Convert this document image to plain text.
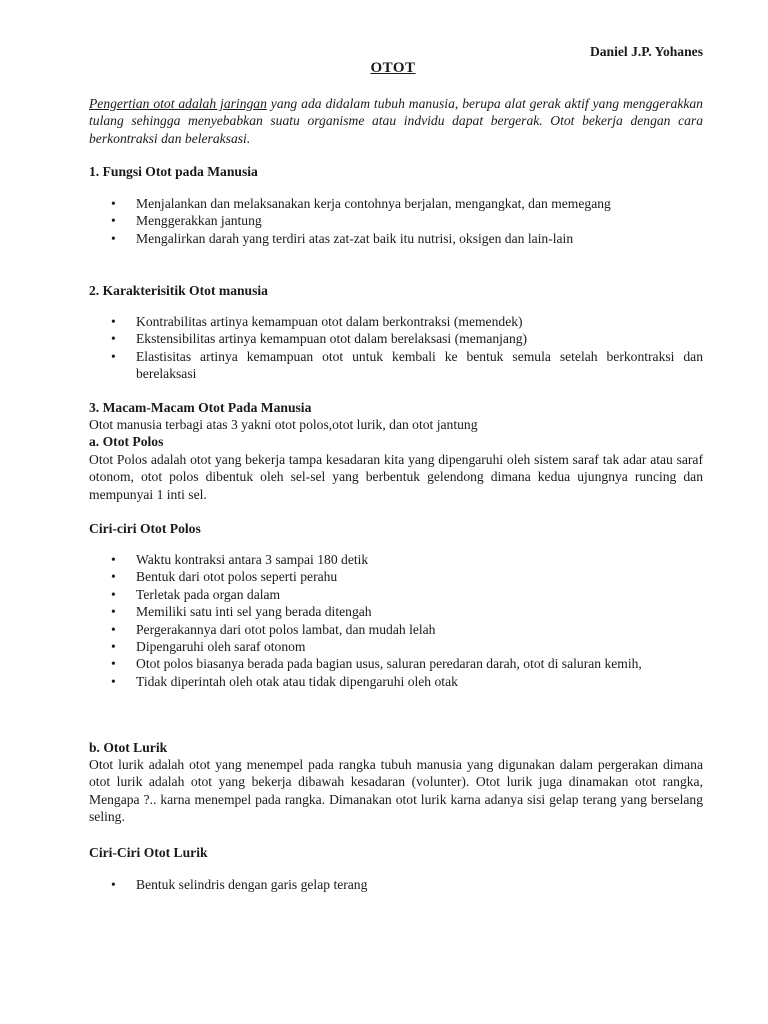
Daniel J.P. Yohanes

OTOT

Pengertian otot adalah jaringan yang ada didalam tubuh manusia, berupa alat gerak aktif yang menggerakkan tulang sehingga menyebabkan suatu organisme atau indvidu dapat bergerak. Otot bekerja dengan cara berkontraksi dan beleraksasi.

1. Fungsi Otot pada Manusia

• Menjalankan dan melaksanakan kerja contohnya berjalan, mengangkat, dan memegang
• Menggerakkan jantung
• Mengalirkan darah yang terdiri atas zat-zat baik itu nutrisi, oksigen dan lain-lain

2. Karakterisitik Otot manusia

• Kontrabilitas artinya kemampuan otot dalam berkontraksi (memendek)
• Ekstensibilitas artinya kemampuan otot dalam berelaksasi (memanjang)
• Elastisitas artinya kemampuan otot untuk kembali ke bentuk semula setelah berkontraksi dan berelaksasi

3. Macam-Macam Otot Pada Manusia

Otot manusia terbagi atas 3 yakni otot polos,otot lurik, dan otot jantung

a. Otot Polos

Otot Polos adalah otot yang bekerja tampa kesadaran kita yang dipengaruhi oleh sistem saraf tak adar atau saraf otonom, otot polos dibentuk oleh sel-sel yang berbentuk gelendong dimana kedua ujungnya runcing dan mempunyai 1 inti sel.

Ciri-ciri Otot Polos

• Waktu kontraksi antara 3 sampai 180 detik
• Bentuk dari otot polos seperti perahu
• Terletak pada organ dalam
• Memiliki satu inti sel yang berada ditengah
• Pergerakannya dari otot polos lambat, dan mudah lelah
• Dipengaruhi oleh saraf otonom
• Otot polos biasanya berada pada bagian usus, saluran peredaran darah, otot di saluran kemih,
• Tidak diperintah oleh otak atau tidak dipengaruhi oleh otak

b. Otot Lurik

Otot lurik adalah otot yang menempel pada rangka tubuh manusia yang digunakan dalam pergerakan dimana otot lurik adalah otot yang bekerja dibawah kesadaran (volunter). Otot lurik juga dinamakan otot rangka, Mengapa ?.. karna menempel pada rangka. Dimanakan otot lurik karna adanya sisi gelap terang yang berselang seling.

Ciri-Ciri Otot Lurik

• Bentuk selindris dengan garis gelap terang
